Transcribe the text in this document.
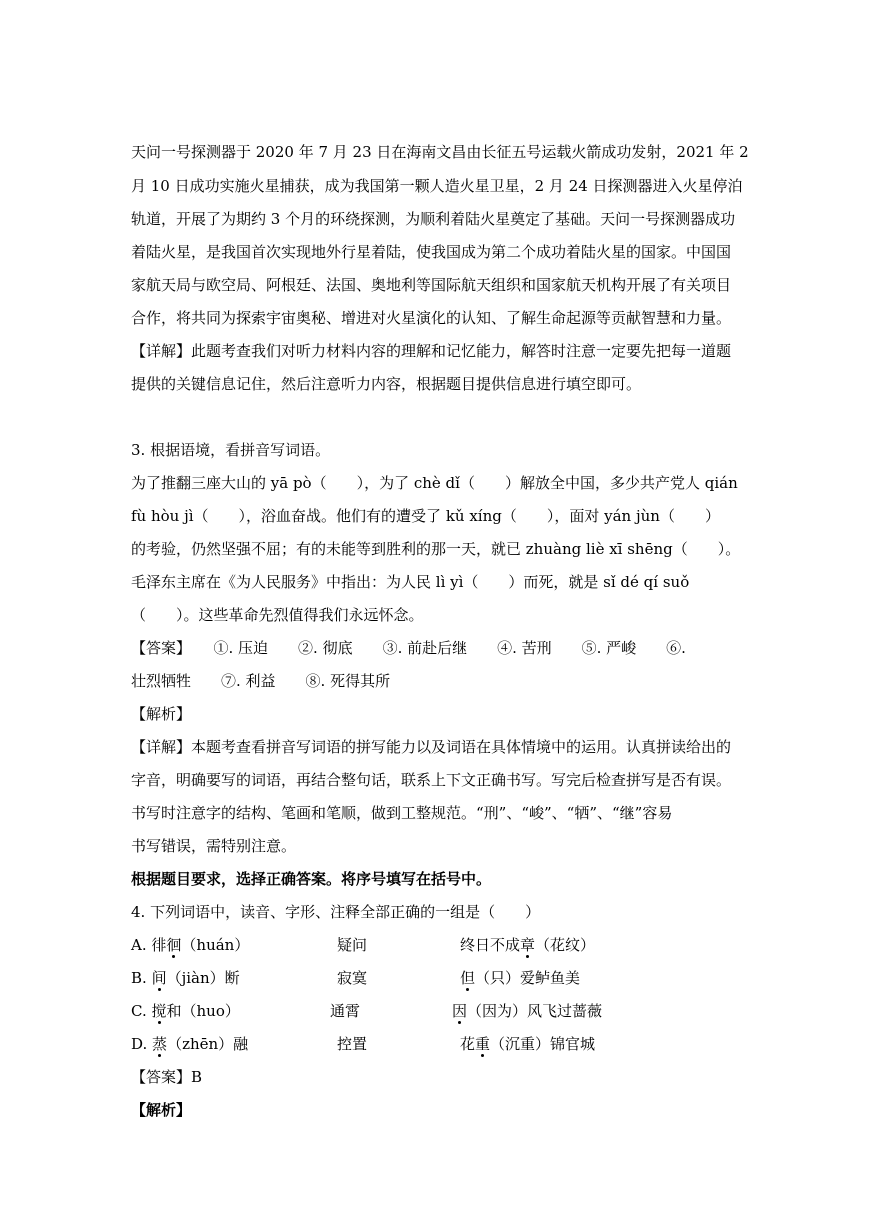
天问一号探测器于 2020 年 7 月 23 日在海南文昌由长征五号运载火箭成功发射，2021 年 2
月 10 日成功实施火星捕获，成为我国第一颗人造火星卫星，2 月 24 日探测器进入火星停泊
轨道，开展了为期约 3 个月的环绕探测，为顺利着陆火星奠定了基础。天问一号探测器成功
着陆火星，是我国首次实现地外行星着陆，使我国成为第二个成功着陆火星的国家。中国国
家航天局与欧空局、阿根廷、法国、奥地利等国际航天组织和国家航天机构开展了有关项目
合作，将共同为探索宇宙奥秘、增进对火星演化的认知、了解生命起源等贡献智慧和力量。
【详解】此题考查我们对听力材料内容的理解和记忆能力，解答时注意一定要先把每一道题
提供的关键信息记住，然后注意听力内容，根据题目提供信息进行填空即可。
3. 根据语境，看拼音写词语。
为了推翻三座大山的 yā pò（　　），为了 chè dǐ（　　）解放全中国，多少共产党人 qián
fù hòu jì（　　），浴血奋战。他们有的遭受了 kǔ xíng（　　），面对 yán jùn（　　）
的考验，仍然坚强不屈；有的未能等到胜利的那一天，就已 zhuàng liè xī shēng（　　）。
毛泽东主席在《为人民服务》中指出：为人民 lì yì（　　）而死，就是 sǐ dé qí suǒ
（　　）。这些革命先烈值得我们永远怀念。
【答案】　　①. 压迫　　②. 彻底　　③. 前赴后继　　④. 苦刑　　⑤. 严峻　　⑥.
壮烈牺牲　　⑦. 利益　　⑧. 死得其所
【解析】
【详解】本题考查看拼音写词语的拼写能力以及词语在具体情境中的运用。认真拼读给出的
字音，明确要写的词语，再结合整句话，联系上下文正确书写。写完后检查拼写是否有误。
书写时注意字的结构、笔画和笔顺，做到工整规范。“刑”、“峻”、“牺”、“继”容易
书写错误，需特别注意。
根据题目要求，选择正确答案。将序号填写在括号中。
4. 下列词语中，读音、字形、注释全部正确的一组是（　　）
A. 徘徊（huán）	疑问	终日不成章（花纹）
B. 间（jiàn）断	寂寞	但（只）爱鲈鱼美
C. 搅和（huo）	通霄	因（因为）风飞过蔷薇
D. 蒸（zhēn）融	控置	花重（沉重）锦官城
【答案】B
【解析】
